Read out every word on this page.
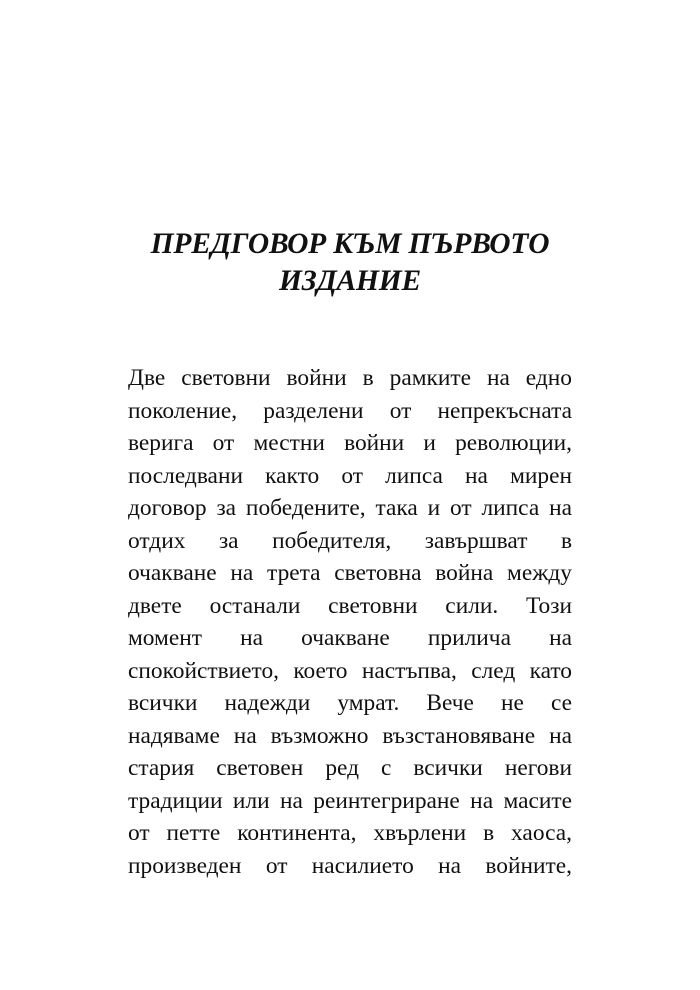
ПРЕДГОВОР КЪМ ПЪРВОТО
ИЗДАНИЕ
Две световни войни в рамките на едно
поколение, разделени от непрекъсната
верига от местни войни и революции,
последвани както от липса на мирен
договор за победените, така и от липса на
отдих за победителя, завършват в
очакване на трета световна война между
двете останали световни сили. Този
момент на очакване прилича на
спокойствието, което настъпва, след като
всички надежди умрат. Вече не се
надяваме на възможно възстановяване на
стария световен ред с всички негови
традиции или на реинтегриране на масите
от петте континента, хвърлени в хаоса,
произведен от насилието на войните,
